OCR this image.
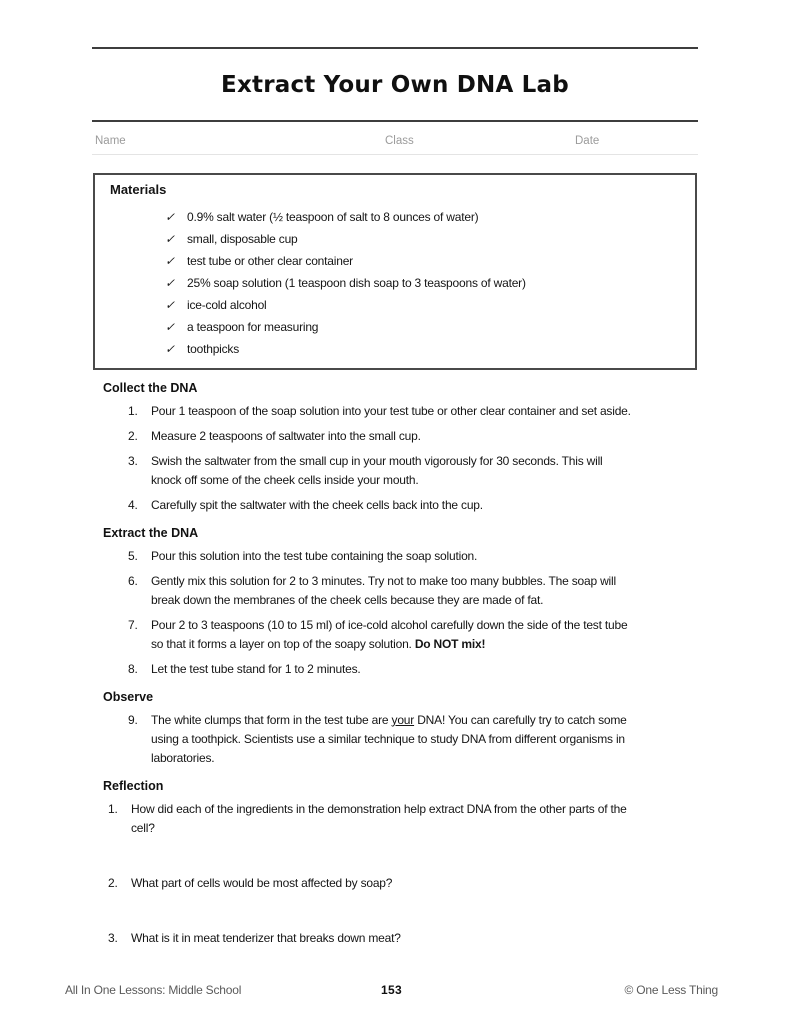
Extract Your Own DNA Lab
Name	Class	Date
Materials
✓	0.9% salt water (½ teaspoon of salt to 8 ounces of water)
✓	small, disposable cup
✓	test tube or other clear container
✓	25% soap solution (1 teaspoon dish soap to 3 teaspoons of water)
✓	ice-cold alcohol
✓	a teaspoon for measuring
✓	toothpicks
Collect the DNA
1.	Pour 1 teaspoon of the soap solution into your test tube or other clear container and set aside.
2.	Measure 2 teaspoons of saltwater into the small cup.
3.	Swish the saltwater from the small cup in your mouth vigorously for 30 seconds. This will
knock off some of the cheek cells inside your mouth.
4.	Carefully spit the saltwater with the cheek cells back into the cup.
Extract the DNA
5.	Pour this solution into the test tube containing the soap solution.
6.	Gently mix this solution for 2 to 3 minutes. Try not to make too many bubbles. The soap will
break down the membranes of the cheek cells because they are made of fat.
7.	Pour 2 to 3 teaspoons (10 to 15 ml) of ice-cold alcohol carefully down the side of the test tube
so that it forms a layer on top of the soapy solution. Do NOT mix!
8.	Let the test tube stand for 1 to 2 minutes.
Observe
9.	The white clumps that form in the test tube are your DNA! You can carefully try to catch some
using a toothpick. Scientists use a similar technique to study DNA from different organisms in
laboratories.
Reflection
1.	How did each of the ingredients in the demonstration help extract DNA from the other parts of the
cell?
2.	What part of cells would be most affected by soap?
3.	What is it in meat tenderizer that breaks down meat?
All In One Lessons: Middle School	153	© One Less Thing
